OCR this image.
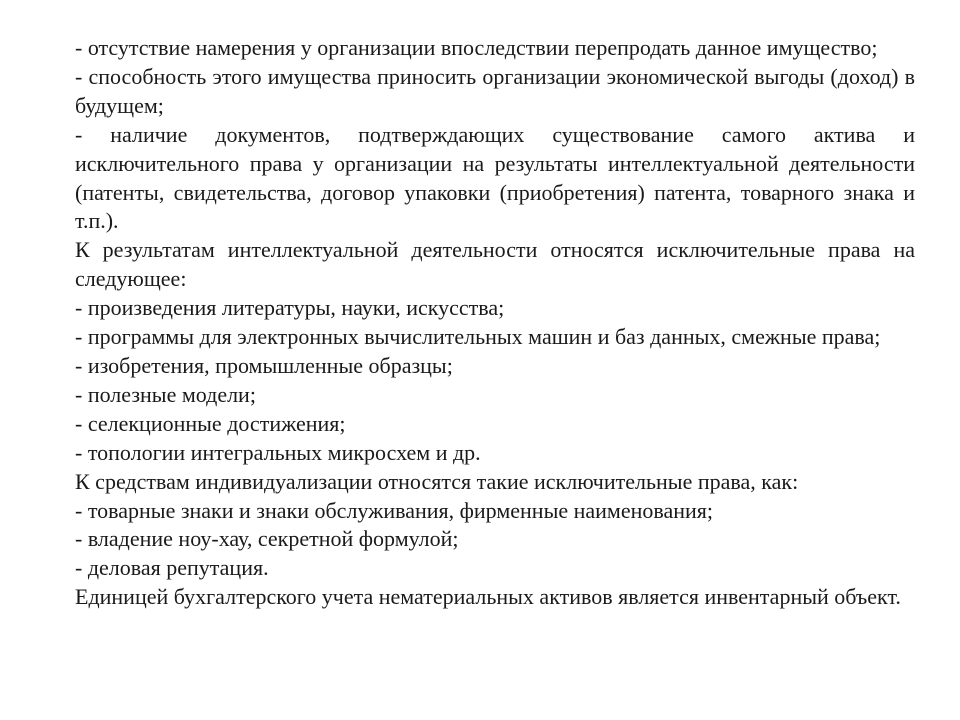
- отсутствие намерения у организации впоследствии перепродать данное имущество;

- способность этого имущества приносить организации экономической выгоды (доход) в будущем;

- наличие документов, подтверждающих существование самого актива и исключительного права у организации на результаты интеллектуальной деятельности (патенты, свидетельства, договор упаковки (приобретения) патента, товарного знака и т.п.).

К результатам интеллектуальной деятельности относятся исключительные права на следующее:

- произведения литературы, науки, искусства;

- программы для электронных вычислительных машин и баз данных, смежные права;

- изобретения, промышленные образцы;

- полезные модели;

- селекционные достижения;

- топологии интегральных микросхем и др.

К средствам индивидуализации относятся такие исключительные права, как:

- товарные знаки и знаки обслуживания, фирменные наименования;

- владение ноу-хау, секретной формулой;

- деловая репутация.

Единицей бухгалтерского учета нематериальных активов является инвентарный объект.
